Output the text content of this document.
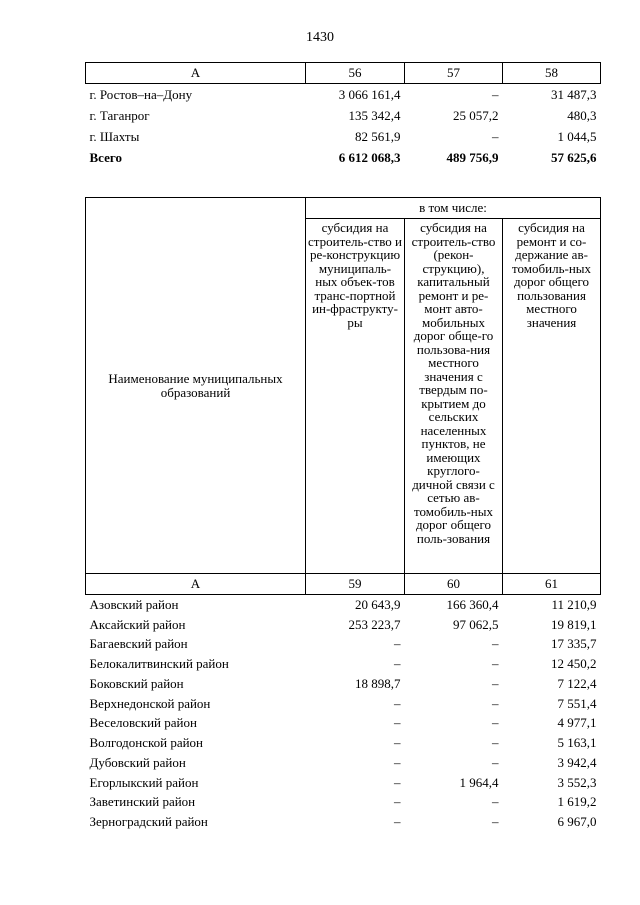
1430
А	56	57	58
г. Ростов–на–Дону	3 066 161,4	–	31 487,3
г. Таганрог	135 342,4	25 057,2	480,3
г. Шахты	82 561,9	–	1 044,5
Всего	6 612 068,3	489 756,9	57 625,6
Наименование муниципальных образований	в том числе:		
	субсидия на строитель-ство и ре-конструкцию муниципаль-ных объек-тов транс-портной ин-фраструкту-ры	субсидия на строитель-ство (рекон-струкцию), капитальный ремонт и ре-монт авто-мобильных дорог обще-го пользова-ния местного значения с твердым по-крытием до сельских населенных пунктов, не имеющих круглого-дичной связи с сетью ав-томобиль-ных дорог общего поль-зования	субсидия на ремонт и со-держание ав-томобиль-ных дорог общего пользования местного значения
А	59	60	61
Азовский район	20 643,9	166 360,4	11 210,9
Аксайский район	253 223,7	97 062,5	19 819,1
Багаевский район	–	–	17 335,7
Белокалитвинский район	–	–	12 450,2
Боковский район	18 898,7	–	7 122,4
Верхнедонской район	–	–	7 551,4
Веселовский район	–	–	4 977,1
Волгодонской район	–	–	5 163,1
Дубовский район	–	–	3 942,4
Егорлыкский район	–	1 964,4	3 552,3
Заветинский район	–	–	1 619,2
Зерноградский район	–	–	6 967,0
